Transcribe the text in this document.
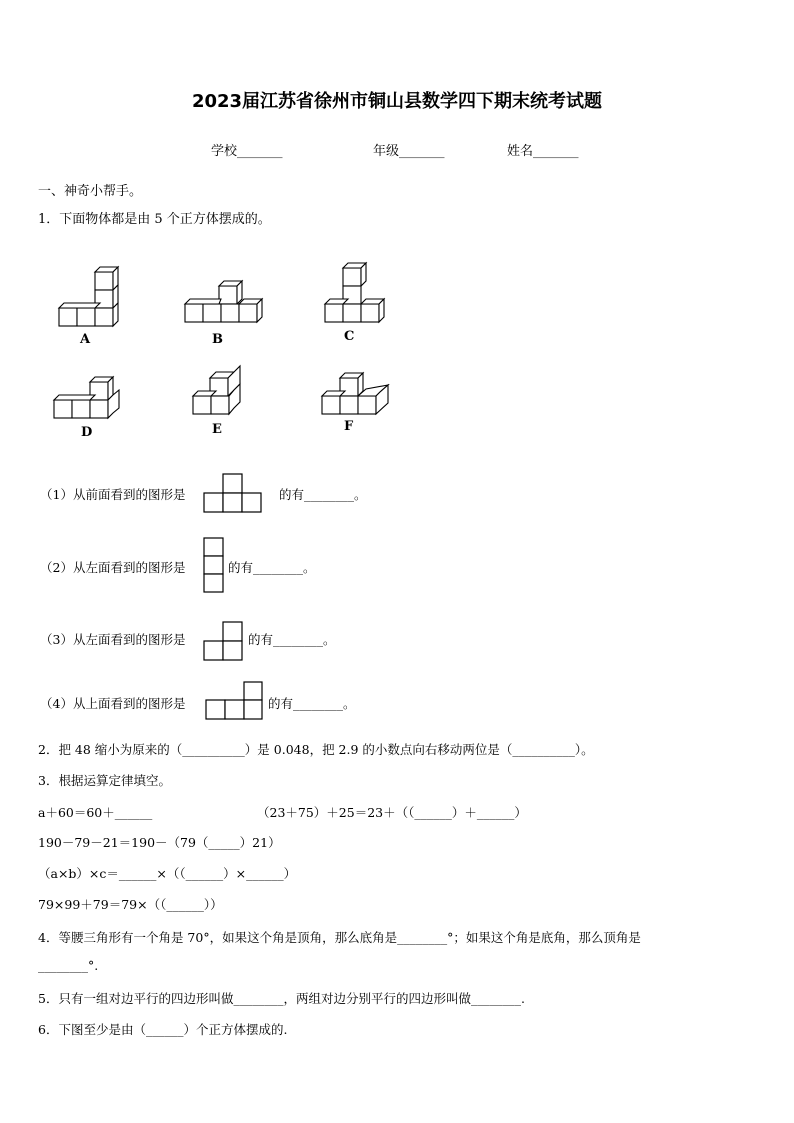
2023届江苏省徐州市铜山县数学四下期末统考试题
学校_______	年级_______	姓名_______
一、神奇小帮手。
1．下面物体都是由 5 个正方体摆成的。
A	B	C
D	E	F
（1）从前面看到的图形是	的有________。
（2）从左面看到的图形是	的有________。
（3）从左面看到的图形是	的有________。
（4）从上面看到的图形是	的有________。
2．把 48 缩小为原来的（__________）是 0.048，把 2.9 的小数点向右移动两位是（__________）。
3．根据运算定律填空。
a＋60＝60＋______	（23＋75）＋25＝23＋（（______）＋______）
190－79－21＝190－（79（_____）21）
（a×b）×c＝______×（（______）×______）
79×99＋79＝79×（（______））
4．等腰三角形有一个角是 70°，如果这个角是顶角，那么底角是________°；如果这个角是底角，那么顶角是
________°.
5．只有一组对边平行的四边形叫做________，两组对边分别平行的四边形叫做________.
6．下图至少是由（______）个正方体摆成的.
